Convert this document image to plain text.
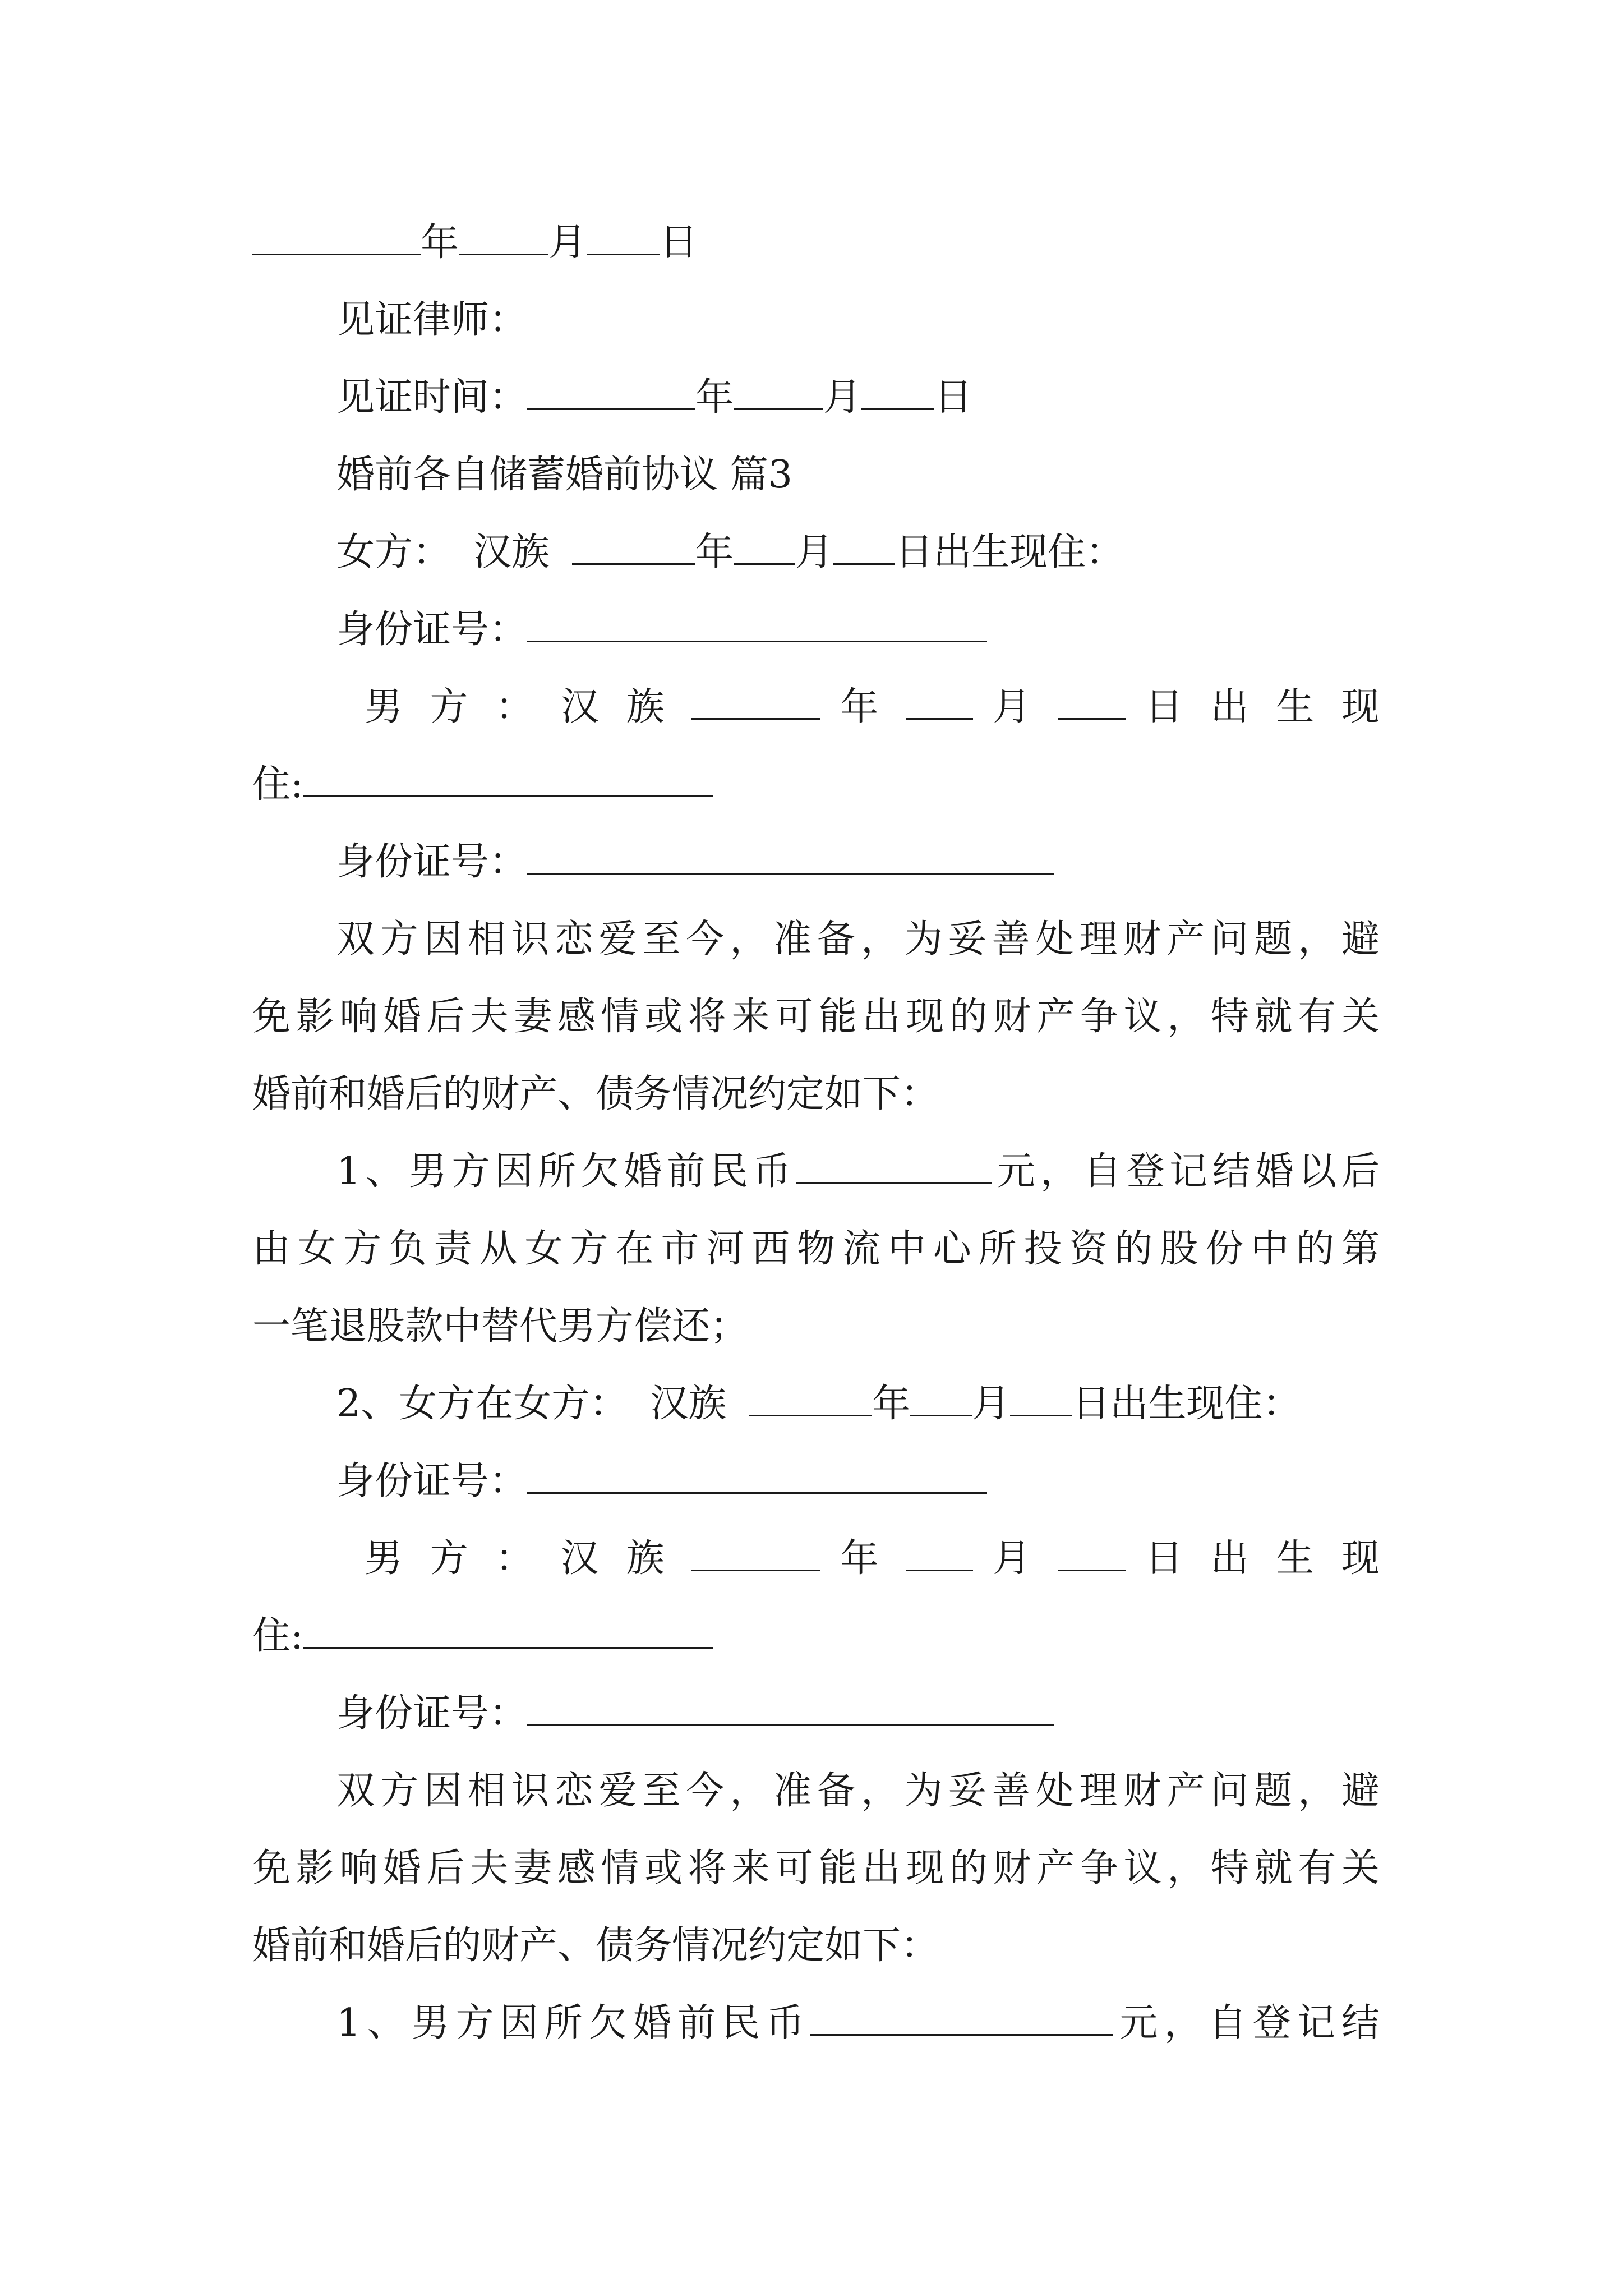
年 月 日
见证律师：
见证时间：	年 月 日
婚前各自储蓄婚前协议 篇3
女方： 汉族	年 月 日出生现住：
身份证号：
男 方 ： 汉 族	年	月	日 出 生 现
住:
身份证号：
双方因相识恋爱至今，准备，为妥善处理财产问题，避
免影响婚后夫妻感情或将来可能出现的财产争议，特就有关
婚前和婚后的财产、债务情况约定如下：
1、男方因所欠婚前民币	元，自登记结婚以后
由女方负责从女方在市河西物流中心所投资的股份中的第
一笔退股款中替代男方偿还；
2、女方在女方： 汉族	年 月 日出生现住：
身份证号：
男 方 ： 汉 族	年	月	日 出 生 现
住:
身份证号：
双方因相识恋爱至今，准备，为妥善处理财产问题，避
免影响婚后夫妻感情或将来可能出现的财产争议，特就有关
婚前和婚后的财产、债务情况约定如下：
1、男方因所欠婚前民币	元，自登记结
